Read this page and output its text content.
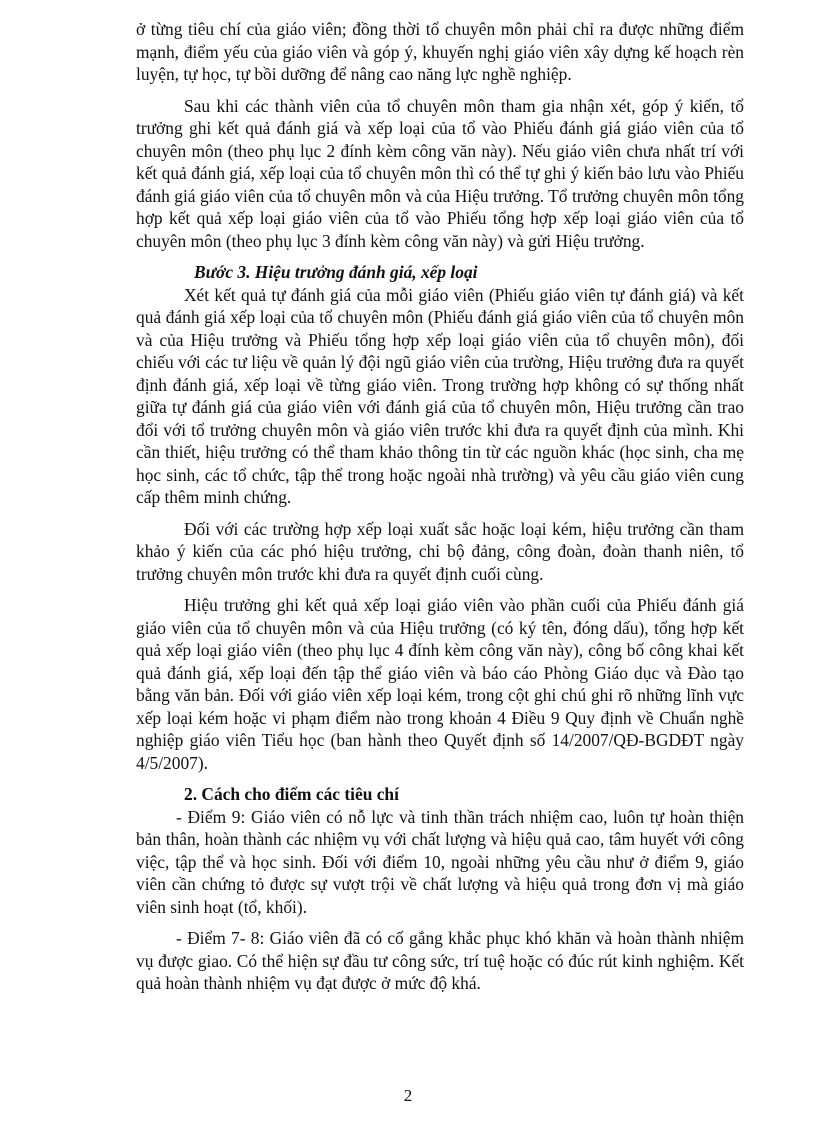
ở từng tiêu chí của giáo viên; đồng thời tổ chuyên môn phải chỉ ra được những điểm mạnh, điểm yếu của giáo viên và góp ý, khuyến nghị giáo viên xây dựng kế hoạch rèn luyện, tự học, tự bồi dưỡng để nâng cao năng lực nghề nghiệp.

Sau khi các thành viên của tổ chuyên môn tham gia nhận xét, góp ý kiến, tổ trưởng ghi kết quả đánh giá và xếp loại của tổ vào Phiếu đánh giá giáo viên của tổ chuyên môn (theo phụ lục 2 đính kèm công văn này). Nếu giáo viên chưa nhất trí với kết quả đánh giá, xếp loại của tổ chuyên môn thì có thể tự ghi ý kiến bảo lưu vào Phiếu đánh giá giáo viên của tổ chuyên môn và của Hiệu trưởng. Tổ trưởng chuyên môn tổng hợp kết quả xếp loại giáo viên của tổ vào Phiếu tổng hợp xếp loại giáo viên của tổ chuyên môn (theo phụ lục 3 đính kèm công văn này) và gửi Hiệu trưởng.

Bước 3. Hiệu trưởng đánh giá, xếp loại

Xét kết quả tự đánh giá của mỗi giáo viên (Phiếu giáo viên tự đánh giá) và kết quả đánh giá xếp loại của tổ chuyên môn (Phiếu đánh giá giáo viên của tổ chuyên môn và của Hiệu trưởng và Phiếu tổng hợp xếp loại giáo viên của tổ chuyên môn), đối chiếu với các tư liệu về quản lý đội ngũ giáo viên của trường, Hiệu trưởng đưa ra quyết định đánh giá, xếp loại về từng giáo viên. Trong trường hợp không có sự thống nhất giữa tự đánh giá của giáo viên với đánh giá của tổ chuyên môn, Hiệu trưởng cần trao đổi với tổ trưởng chuyên môn và giáo viên trước khi đưa ra quyết định của mình. Khi cần thiết, hiệu trưởng có thể tham khảo thông tin từ các nguồn khác (học sinh, cha mẹ học sinh, các tổ chức, tập thể trong hoặc ngoài nhà trường) và yêu cầu giáo viên cung cấp thêm minh chứng.

Đối với các trường hợp xếp loại xuất sắc hoặc loại kém, hiệu trưởng cần tham khảo ý kiến của các phó hiệu trưởng, chi bộ đảng, công đoàn, đoàn thanh niên, tổ trưởng chuyên môn trước khi đưa ra quyết định cuối cùng.

Hiệu trưởng ghi kết quả xếp loại giáo viên vào phần cuối của Phiếu đánh giá giáo viên của tổ chuyên môn và của Hiệu trưởng (có ký tên, đóng dấu), tổng hợp kết quả xếp loại giáo viên (theo phụ lục 4 đính kèm công văn này), công bố công khai kết quả đánh giá, xếp loại đến tập thể giáo viên và báo cáo Phòng Giáo dục và Đào tạo bằng văn bản. Đối với giáo viên xếp loại kém, trong cột ghi chú ghi rõ những lĩnh vực xếp loại kém hoặc vi phạm điểm nào trong khoản 4 Điều 9 Quy định về Chuẩn nghề nghiệp giáo viên Tiểu học (ban hành theo Quyết định số 14/2007/QĐ-BGDĐT ngày 4/5/2007).

2. Cách cho điểm các tiêu chí

- Điểm 9: Giáo viên có nỗ lực và tinh thần trách nhiệm cao, luôn tự hoàn thiện bản thân, hoàn thành các nhiệm vụ với chất lượng và hiệu quả cao, tâm huyết với công việc, tập thể và học sinh. Đối với điểm 10, ngoài những yêu cầu như ở điểm 9, giáo viên cần chứng tỏ được sự vượt trội về chất lượng và hiệu quả trong đơn vị mà giáo viên sinh hoạt (tổ, khối).

- Điểm 7- 8: Giáo viên đã có cố gắng khắc phục khó khăn và hoàn thành nhiệm vụ được giao. Có thể hiện sự đầu tư công sức, trí tuệ hoặc có đúc rút kinh nghiệm. Kết quả hoàn thành nhiệm vụ đạt được ở mức độ khá.

2
